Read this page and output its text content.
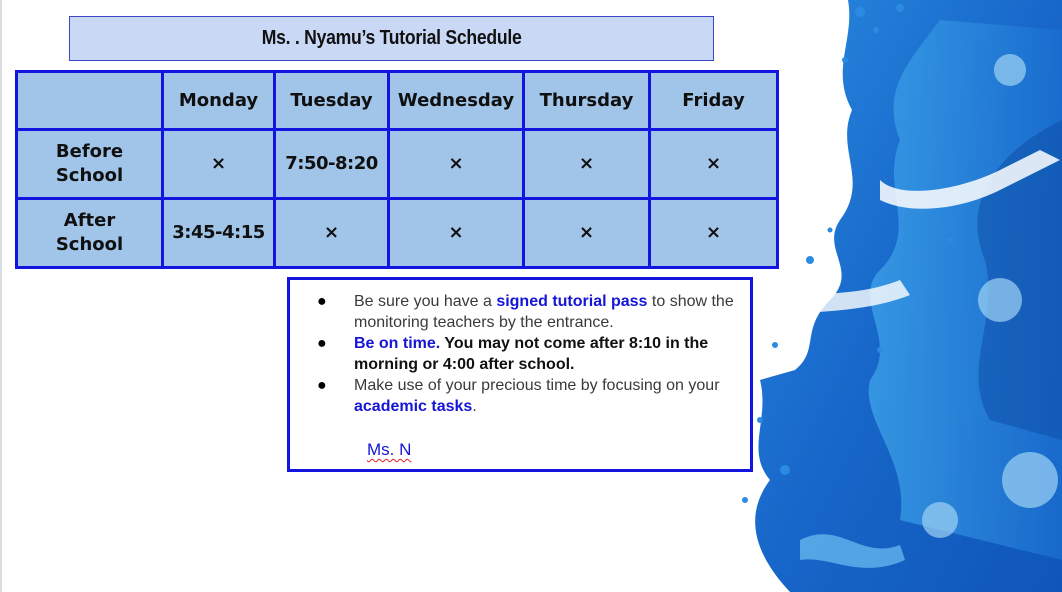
Ms. . Nyamu’s Tutorial Schedule
	Monday	Tuesday	Wednesday	Thursday	Friday
Before School	×	7:50-8:20	×	×	×
After School	3:45-4:15	×	×	×	×
● Be sure you have a signed tutorial pass to show the monitoring teachers by the entrance.
● Be on time. You may not come after 8:10 in the morning or 4:00 after school.
● Make use of your precious time by focusing on your academic tasks.
Ms. N
